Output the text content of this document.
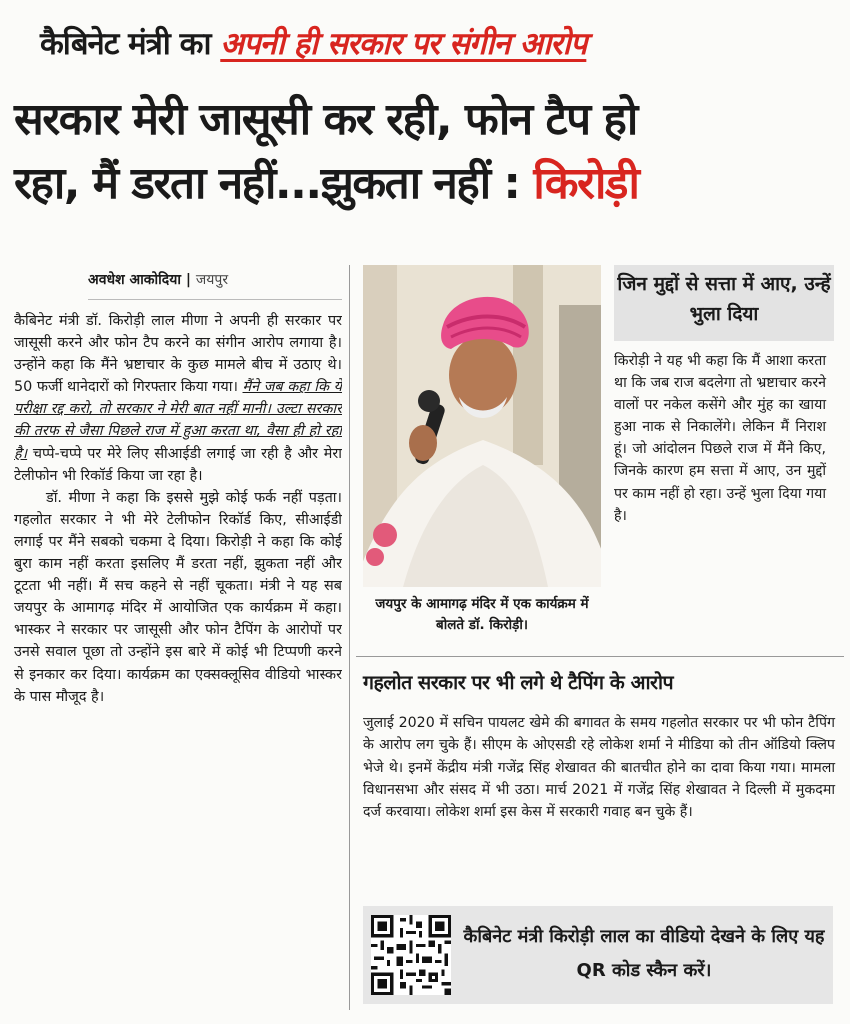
कैबिनेट मंत्री का अपनी ही सरकार पर संगीन आरोप
सरकार मेरी जासूसी कर रही, फोन टैप हो
रहा, मैं डरता नहीं...झुकता नहीं : किरोड़ी
अवधेश आकोदिया | जयपुर

कैबिनेट मंत्री डॉ. किरोड़ी लाल मीणा ने अपनी ही सरकार पर जासूसी करने और फोन टैप करने का संगीन आरोप लगाया है। उन्होंने कहा कि मैंने भ्रष्टाचार के कुछ मामले बीच में उठाए थे। 50 फर्जी थानेदारों को गिरफ्तार किया गया। मैंने जब कहा कि ये परीक्षा रद्द करो, तो सरकार ने मेरी बात नहीं मानी। उल्टा सरकार की तरफ से जैसा पिछले राज में हुआ करता था, वैसा ही हो रहा है। चप्पे-चप्पे पर मेरे लिए सीआईडी लगाई जा रही है और मेरा टेलीफोन भी रिकॉर्ड किया जा रहा है।

डॉ. मीणा ने कहा कि इससे मुझे कोई फर्क नहीं पड़ता। गहलोत सरकार ने भी मेरे टेलीफोन रिकॉर्ड किए, सीआईडी लगाई पर मैंने सबको चकमा दे दिया। किरोड़ी ने कहा कि कोई बुरा काम नहीं करता इसलिए मैं डरता नहीं, झुकता नहीं और टूटता भी नहीं। मैं सच कहने से नहीं चूकता। मंत्री ने यह सब जयपुर के आमागढ़ मंदिर में आयोजित एक कार्यक्रम में कहा। भास्कर ने सरकार पर जासूसी और फोन टैपिंग के आरोपों पर उनसे सवाल पूछा तो उन्होंने इस बारे में कोई भी टिप्पणी करने से इनकार कर दिया। कार्यक्रम का एक्सक्लूसिव वीडियो भास्कर के पास मौजूद है।

जयपुर के आमागढ़ मंदिर में एक कार्यक्रम में बोलते डॉ. किरोड़ी।
जिन मुद्दों से सत्ता में आए, उन्हें भुला दिया
किरोड़ी ने यह भी कहा कि मैं आशा करता था कि जब राज बदलेगा तो भ्रष्टाचार करने वालों पर नकेल कसेंगे और मुंह का खाया हुआ नाक से निकालेंगे। लेकिन मैं निराश हूं। जो आंदोलन पिछले राज में मैंने किए, जिनके कारण हम सत्ता में आए, उन मुद्दों पर काम नहीं हो रहा। उन्हें भुला दिया गया है।
गहलोत सरकार पर भी लगे थे टैपिंग के आरोप
जुलाई 2020 में सचिन पायलट खेमे की बगावत के समय गहलोत सरकार पर भी फोन टैपिंग के आरोप लग चुके हैं। सीएम के ओएसडी रहे लोकेश शर्मा ने मीडिया को तीन ऑडियो क्लिप भेजे थे। इनमें केंद्रीय मंत्री गजेंद्र सिंह शेखावत की बातचीत होने का दावा किया गया। मामला विधानसभा और संसद में भी उठा। मार्च 2021 में गजेंद्र सिंह शेखावत ने दिल्ली में मुकदमा दर्ज करवाया। लोकेश शर्मा इस केस में सरकारी गवाह बन चुके हैं।
कैबिनेट मंत्री किरोड़ी लाल का वीडियो देखने के लिए यह QR कोड स्कैन करें।
